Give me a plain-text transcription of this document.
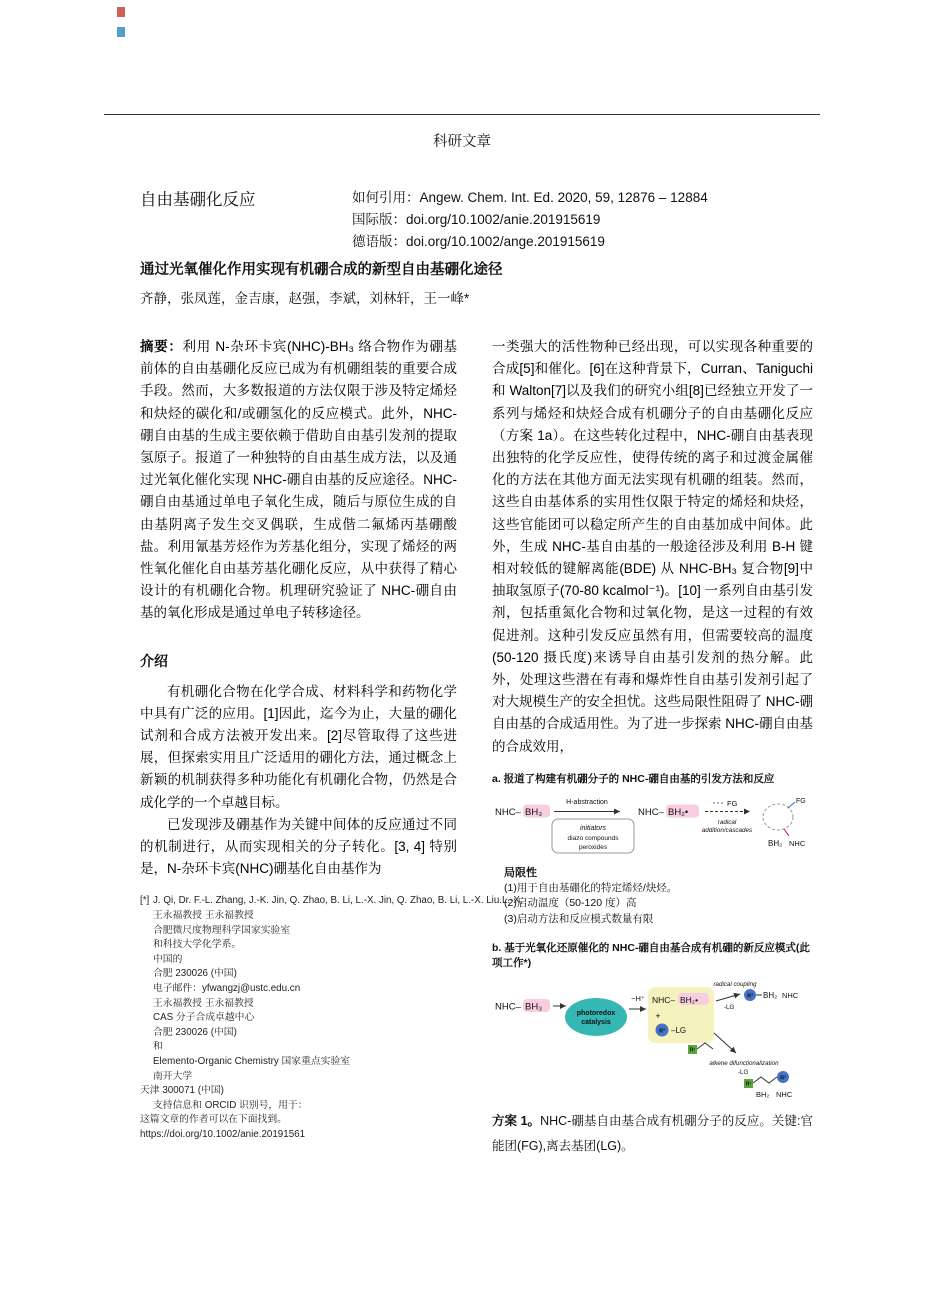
科研文章
自由基硼化反应	如何引用：Angew. Chem. Int. Ed. 2020, 59, 12876 – 12884
国际版：doi.org/10.1002/anie.201915619
德语版：doi.org/10.1002/ange.201915619
通过光氧催化作用实现有机硼合成的新型自由基硼化途径
齐静，张凤莲，金吉康，赵强，李斌，刘林轩，王一峰*

摘要：利用 N-杂环卡宾(NHC)-BH₃ 络合物作为硼基前体的自由基硼化反应已成为有机硼组装的重要合成手段。然而，大多数报道的方法仅限于涉及特定烯烃和炔烃的碳化和/或硼氢化的反应模式。此外，NHC-硼自由基的生成主要依赖于借助自由基引发剂的提取氢原子。报道了一种独特的自由基生成方法，以及通过光氧化催化实现 NHC-硼自由基的反应途径。NHC-硼自由基通过单电子氧化生成，随后与原位生成的自由基阴离子发生交叉偶联，生成偕二氟烯丙基硼酸盐。利用氰基芳烃作为芳基化组分，实现了烯烃的两性氧化催化自由基芳基化硼化反应，从中获得了精心设计的有机硼化合物。机理研究验证了 NHC-硼自由基的氧化形成是通过单电子转移途径。

介绍

有机硼化合物在化学合成、材料科学和药物化学中具有广泛的应用。[1]因此，迄今为止，大量的硼化试剂和合成方法被开发出来。[2]尽管取得了这些进展，但探索实用且广泛适用的硼化方法，通过概念上新颖的机制获得多种功能化有机硼化合物，仍然是合成化学的一个卓越目标。

已发现涉及硼基作为关键中间体的反应通过不同的机制进行，从而实现相关的分子转化。[3, 4] 特别是，N-杂环卡宾(NHC)硼基化自由基作为

[*] J. Qi, Dr. F.-L. Zhang, J.-K. Jin, Q. Zhao, B. Li, L.-X. Jin, Q. Zhao, B. Li, L.-X. Liu.L.-X,
王永福教授 王永福教授
合肥微尺度物理科学国家实验室
和科技大学化学系。
中国的
合肥 230026 (中国)
电子邮件：yfwangzj@ustc.edu.cn
王永福教授 王永福教授
CAS 分子合成卓越中心
合肥 230026 (中国)
和
Elemento-Organic Chemistry 国家重点实验室
南开大学
天津 300071 (中国)
支持信息和 ORCID 识别号，用于：
这篇文章的作者可以在下面找到。
https://doi.org/10.1002/anie.20191561

一类强大的活性物种已经出现，可以实现各种重要的合成[5]和催化。[6]在这种背景下，Curran、Taniguchi 和 Walton[7]以及我们的研究小组[8]已经独立开发了一系列与烯烃和炔烃合成有机硼分子的自由基硼化反应（方案 1a）。在这些转化过程中，NHC-硼自由基表现出独特的化学反应性，使得传统的离子和过渡金属催化的方法在其他方面无法实现有机硼的组装。然而，这些自由基体系的实用性仅限于特定的烯烃和炔烃，这些官能团可以稳定所产生的自由基加成中间体。此外，生成 NHC-基自由基的一般途径涉及利用 B-H 键相对较低的键解离能(BDE) 从 NHC-BH₃ 复合物[9]中抽取氢原子(70-80 kcalmol⁻¹)。[10] 一系列自由基引发剂，包括重氮化合物和过氧化物，是这一过程的有效促进剂。这种引发反应虽然有用，但需要较高的温度(50-120 摄氏度)来诱导自由基引发剂的热分解。此外，处理这些潜在有毒和爆炸性自由基引发剂引起了对大规模生产的安全担忧。这些局限性阻碍了 NHC-硼自由基的合成适用性。为了进一步探索 NHC-硼自由基的合成效用，

a. 报道了构建有机硼分子的 NHC-硼自由基的引发方法和反应
NHC– BH₃
H-abstraction
initiators
diazo compounds
peroxides
NHC– BH₂•
FG
radical
addition/cascades
FG
BH₂ NHC
局限性
(1)用于自由基硼化的特定烯烃/炔烃。
(2)启动温度（50-120 度）高
(3)启动方法和反应模式数量有限
b. 基于光氧化还原催化的 NHC-硼自由基合成有机硼的新反应模式(此项工作*)
NHC– BH₃
photoredox
catalysis
−H⁺ NHC– BH₂•
+
R³ –LG
radical coupling
-LG
R³ BH₂ NHC
R¹
alkene difunctionalization
-LG
R¹
R³
BH₂ NHC

方案 1。NHC-硼基自由基合成有机硼分子的反应。关键:官能团(FG),离去基团(LG)。
